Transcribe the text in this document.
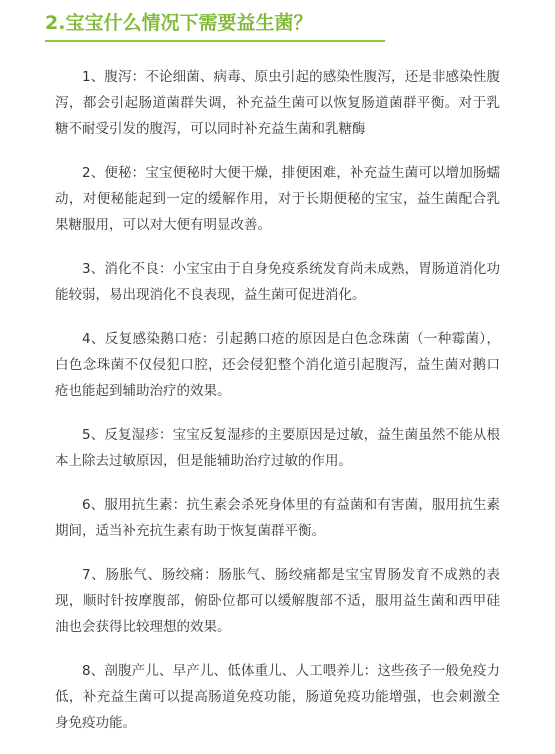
2.宝宝什么情况下需要益生菌？

1、腹泻：不论细菌、病毒、原虫引起的感染性腹泻，还是非感染性腹泻，都会引起肠道菌群失调，补充益生菌可以恢复肠道菌群平衡。对于乳糖不耐受引发的腹泻，可以同时补充益生菌和乳糖酶

2、便秘：宝宝便秘时大便干燥，排便困难，补充益生菌可以增加肠蠕动，对便秘能起到一定的缓解作用，对于长期便秘的宝宝，益生菌配合乳果糖服用，可以对大便有明显改善。

3、消化不良：小宝宝由于自身免疫系统发育尚未成熟，胃肠道消化功能较弱，易出现消化不良表现，益生菌可促进消化。

4、反复感染鹅口疮：引起鹅口疮的原因是白色念珠菌（一种霉菌），白色念珠菌不仅侵犯口腔，还会侵犯整个消化道引起腹泻，益生菌对鹅口疮也能起到辅助治疗的效果。

5、反复湿疹：宝宝反复湿疹的主要原因是过敏，益生菌虽然不能从根本上除去过敏原因，但是能辅助治疗过敏的作用。

6、服用抗生素：抗生素会杀死身体里的有益菌和有害菌，服用抗生素期间，适当补充抗生素有助于恢复菌群平衡。

7、肠胀气、肠绞痛：肠胀气、肠绞痛都是宝宝胃肠发育不成熟的表现，顺时针按摩腹部，俯卧位都可以缓解腹部不适，服用益生菌和西甲硅油也会获得比较理想的效果。

8、剖腹产儿、早产儿、低体重儿、人工喂养儿：这些孩子一般免疫力低，补充益生菌可以提高肠道免疫功能，肠道免疫功能增强，也会刺激全身免疫功能。
